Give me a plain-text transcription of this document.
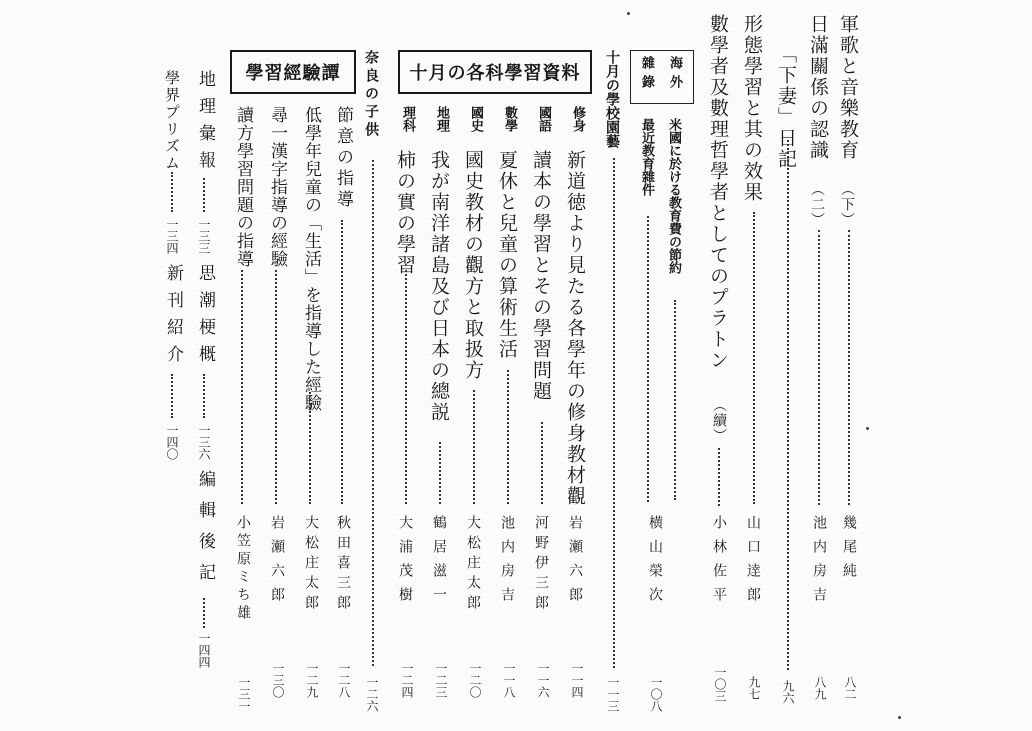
軍歌と音樂教育
（下）
幾尾純
八二
日滿關係の認識
（二）
池内房吉
八九
「下妻」日記
九六
形態學習と其の效果
山口逹郎
九七
數學者及數理哲學者としてのプラトン
（續）
小林佐平
一〇三
海外
雜錄
米國に於ける教育費の節約
最近教育雜件
横山榮次
一〇八
十月の學校園藝
一一三
十月の各科學習資料
修身
新道徳より見たる各學年の修身教材觀
岩瀬六郎
一一四
國語
讀本の學習とその學習問題
河野伊三郎
一一六
數學
夏休と兒童の算術生活
池内房吉
一一八
國史
國史教材の觀方と取扱方
大松庄太郎
一二〇
地理
我が南洋諸島及び日本の總説
鶴居滋一
一二三
理科
柿の實の學習
大浦茂樹
一二四
奈良の子供
一二六
學習經驗譚
節意の指導
秋田喜三郎
一二八
低學年兒童の「生活」を指導した經驗
大松庄太郎
一二九
尋一漢字指導の經驗
岩瀬六郎
一三〇
讀方學習問題の指導
小笠原ミち雄
一三一
地理彙報
一三三
思潮梗概
一三六
編輯後記
一四四
學界プリズム
一三四
新刊紹介
一四〇
